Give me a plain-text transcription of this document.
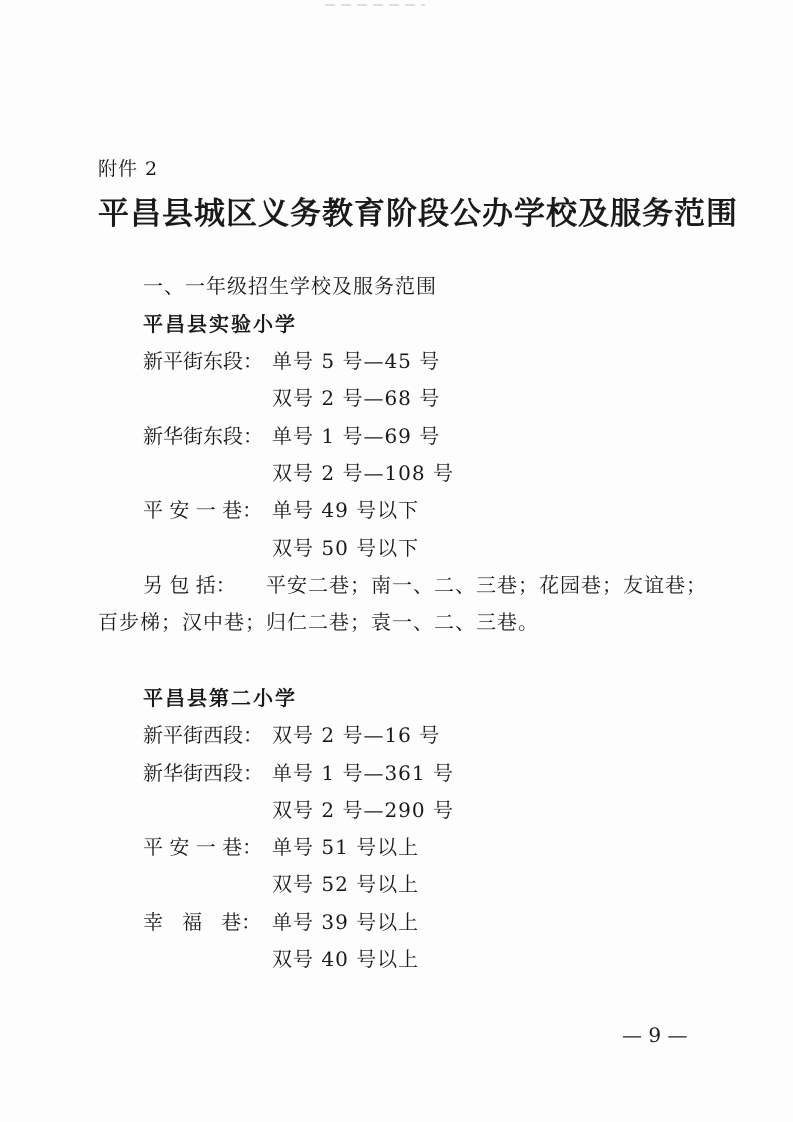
附件 2
平昌县城区义务教育阶段公办学校及服务范围
一、一年级招生学校及服务范围
平昌县实验小学
新平街东段： 单号 5 号—45 号
双号 2 号—68 号
新华街东段： 单号 1 号—69 号
双号 2 号—108 号
平 安 一 巷： 单号 49 号以下
双号 50 号以下
另 包 括： 平安二巷；南一、二、三巷；花园巷；友谊巷；
百步梯；汉中巷；归仁二巷；袁一、二、三巷。
平昌县第二小学
新平街西段： 双号 2 号—16 号
新华街西段： 单号 1 号—361 号
双号 2 号—290 号
平 安 一 巷： 单号 51 号以上
双号 52 号以上
幸   福   巷： 单号 39 号以上
双号 40 号以上
— 9 —
